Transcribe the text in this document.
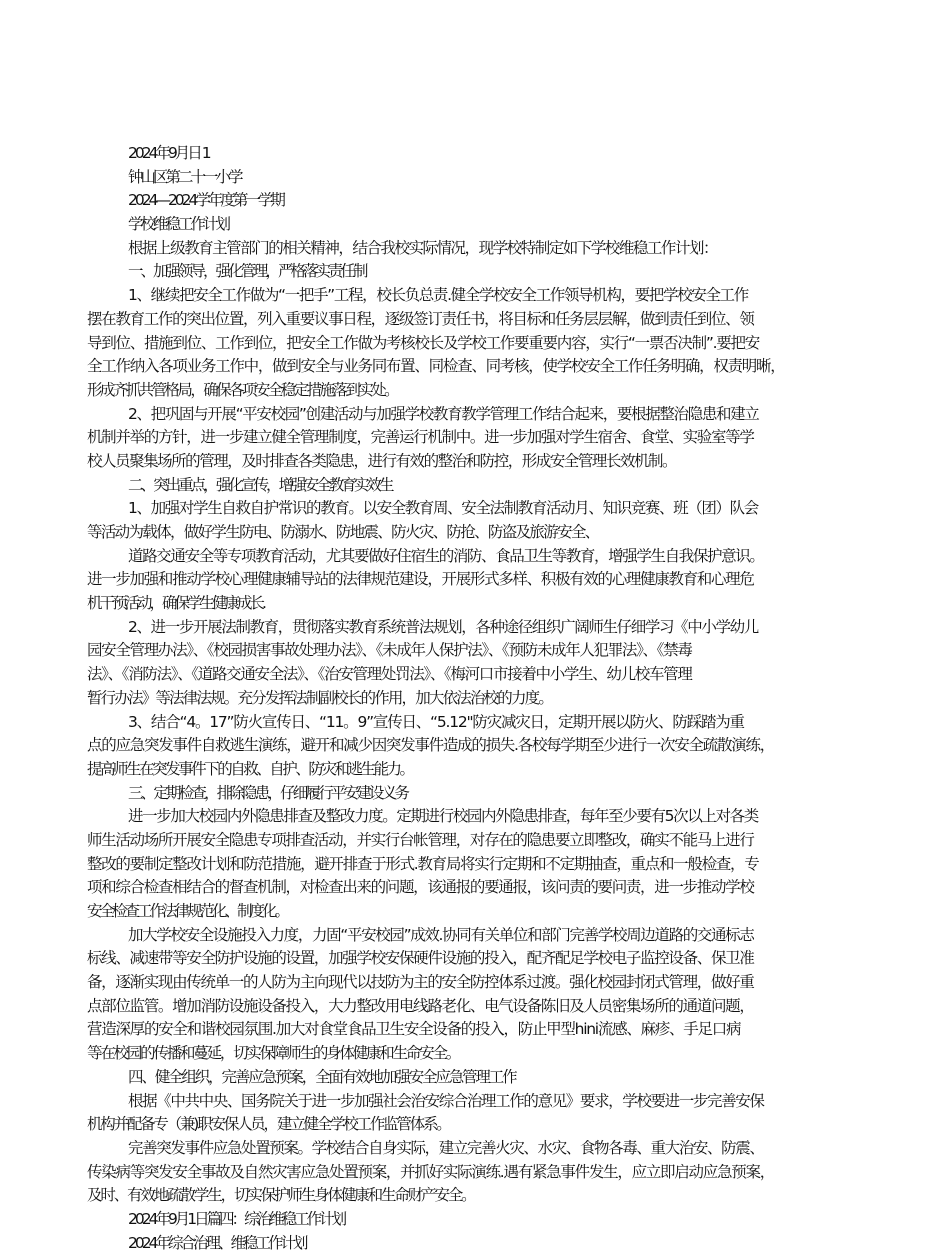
2024年9月日 1

钟山区第二十一小学

2024—2024学年度第一学期

学校维稳工作计划

根据上级教育主管部门的相关精神，结合我校实际情况，现学校特制定如下学校维稳工作计划：

一、加强领导，强化管理，严格落实责任制

1、继续把安全工作做为“一把手”工程，校长负总责.健全学校安全工作领导机构，要把学校安全工作

摆在教育工作的突出位置，列入重要议事日程，逐级签订责任书，将目标和任务层层解，做到责任到位、领

导到位、措施到位、工作到位，把安全工作做为考核校长及学校工作要重要内容，实行“一票否决制”.要把安

全工作纳入各项业务工作中，做到安全与业务同布置、同检查、同考核，使学校安全工作任务明确，权责明晰，

形成齐抓共管格局，确保各项安全稳定措施落到实处。

2、把巩固与开展“平安校园”创建活动与加强学校教育教学管理工作结合起来，要根据整治隐患和建立

机制并举的方针，进一步建立健全管理制度，完善运行机制中。进一步加强对学生宿舍、食堂、实验室等学

校人员聚集场所的管理，及时排查各类隐患，进行有效的整治和防控，形成安全管理长效机制。

二、突出重点，强化宣传，增强安全教育实效生

1、加强对学生自救自护常识的教育。以安全教育周、安全法制教育活动月、知识竞赛、班（团）队会

等活动为载体，做好学生防电、防溺水、防地震、防火灾、防抢、防盗及旅游安全、

道路交通安全等专项教育活动，尤其要做好住宿生的消防、食品卫生等教育，增强学生自我保护意识。

进一步加强和推动学校心理健康辅导站的法律规范建设，开展形式多样、积极有效的心理健康教育和心理危

机干预活动，确保学生健康成长.

2、进一步开展法制教育，贯彻落实教育系统普法规划，各种途径组织广阔师生仔细学习《中小学幼儿

园安全管理办法》、《校园损害事故处理办法》、《未成年人保护法》、《预防未成年人犯罪法》、《禁毒

法》、《消防法》、《道路交通安全法》、《治安管理处罚法》、《梅河口市接着中小学生、幼儿校车管理

暂行办法》等法律法规。充分发挥法制副校长的作用，加大依法治校的力度。

3、结合“4。17”防火宣传日、“11。9”宣传日、“5.12"防灾减灾日，定期开展以防火、防踩踏为重

点的应急突发事件自救逃生演练，避开和减少因突发事件造成的损失.各校每学期至少进行一次安全疏散演练，

提高师生在突发事件下的自救、自护、防灾和逃生能力。

三、定期检查，排除隐患，仔细履行平安建设义务

进一步加大校园内外隐患排查及整改力度。定期进行校园内外隐患排查，每年至少要有5次以上对各类

师生活动场所开展安全隐患专项排查活动，并实行台帐管理，对存在的隐患要立即整改，确实不能马上进行

整改的要制定整改计划和防范措施，避开排查于形式.教育局将实行定期和不定期抽查，重点和一般检查，专

项和综合检查相结合的督查机制，对检查出来的问题，该通报的要通报，该问责的要问责，进一步推动学校

安全检查工作法律规范化、制度化。

加大学校安全设施投入力度，力固“平安校园”成效.协同有关单位和部门完善学校周边道路的交通标志

标线、减速带等安全防护设施的设置，加强学校安保硬件设施的投入，配齐配足学校电子监控设备、保卫准

备，逐渐实现由传统单一的人防为主向现代以技防为主的安全防控体系过渡。强化校园封闭式管理，做好重

点部位监管。增加消防设施设备投入，大力整改用电线路老化、电气设备陈旧及人员密集场所的通道问题，

营造深厚的安全和谐校园氛围.加大对食堂食品卫生安全设备的投入，防止甲型hini流感、麻疹、手足口病

等在校园的传播和蔓延，切实保障师生的身体健康和生命安全。

四、健全组织，完善应急预案，全面有效地加强安全应急管理工作

根据《中共中央、国务院关于进一步加强社会治安综合治理工作的意见》要求，学校要进一步完善安保

机构并配备专（兼)职安保人员，建立健全学校工作监管体系。

完善突发事件应急处置预案。学校结合自身实际，建立完善火灾、水灾、食物各毒、重大治安、防震、

传染病等突发安全事故及自然灾害应急处置预案，并抓好实际演练.遇有紧急事件发生，应立即启动应急预案，

及时、有效地疏散学生，切实保护师生身体健康和生命财产安全。

2024年9月1日篇四：综治维稳工作计划

2024年综合治理、维稳工作计划
